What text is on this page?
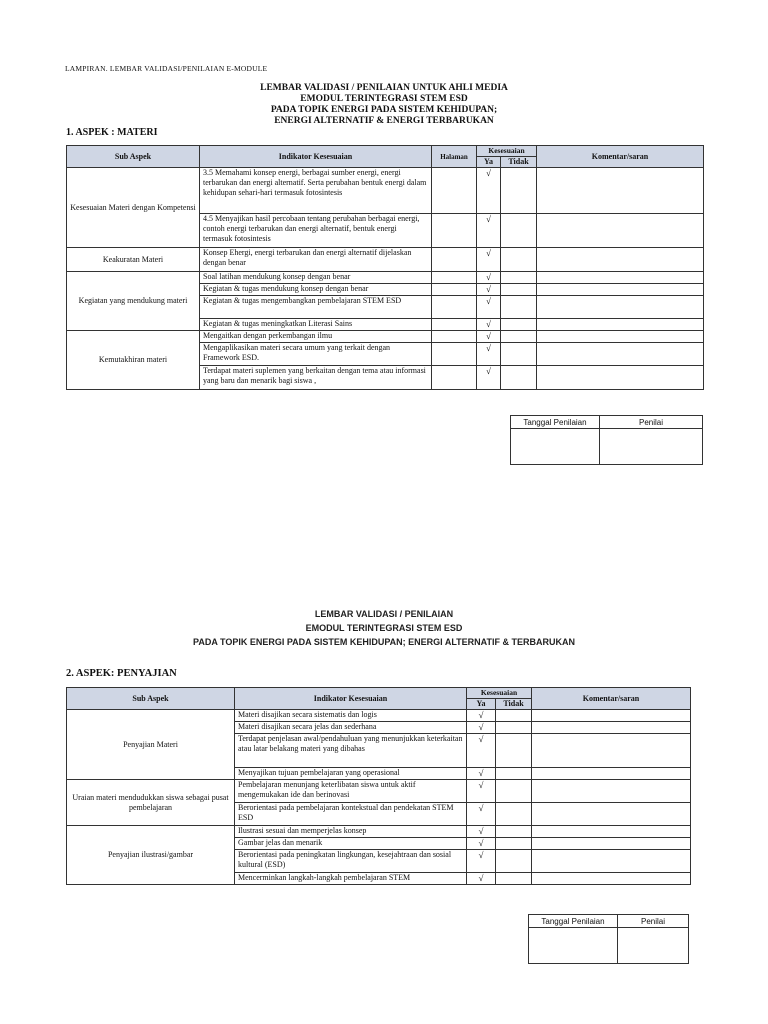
LAMPIRAN. LEMBAR VALIDASI/PENILAIAN E-MODULE
LEMBAR VALIDASI / PENILAIAN UNTUK AHLI MEDIA
EMODUL TERINTEGRASI STEM ESD
PADA TOPIK ENERGI PADA SISTEM KEHIDUPAN;
ENERGI ALTERNATIF & ENERGI TERBARUKAN
1. ASPEK : MATERI
Sub Aspek	Indikator Kesesuaian	Halaman	Kesesuaian		Komentar/saran
			Ya	Tidak	
Kesesuaian Materi dengan Kompetensi	3.5 Memahami konsep energi, berbagai sumber energi, energi terbarukan dan energi alternatif. Serta perubahan bentuk energi dalam kehidupan sehari-hari termasuk fotosintesis		√		
	4.5 Menyajikan hasil percobaan tentang perubahan berbagai energi, contoh energi terbarukan dan energi alternatif, bentuk energi termasuk fotosintesis		√		
Keakuratan Materi	Konsep Ehergi, energi terbarukan dan energi alternatif dijelaskan dengan benar		√		
Kegiatan yang mendukung materi	Soal latihan mendukung konsep dengan benar		√		
	Kegiatan & tugas mendukung konsep dengan benar		√		
	Kegiatan & tugas mengembangkan pembelajaran STEM ESD		√		
	Kegiatan & tugas meningkatkan Literasi Sains		√		
Kemutakhiran materi	Mengaitkan dengan perkembangan ilmu		√		
	Mengaplikasikan materi secara umum yang terkait dengan Framework ESD.		√		
	Terdapat materi suplemen yang berkaitan dengan tema atau informasi yang baru dan menarik bagi siswa ,		√		
Tanggal Penilaian	Penilai

LEMBAR VALIDASI / PENILAIAN
EMODUL TERINTEGRASI STEM ESD
PADA TOPIK ENERGI PADA SISTEM KEHIDUPAN; ENERGI ALTERNATIF & TERBARUKAN
2. ASPEK: PENYAJIAN
Sub Aspek	Indikator Kesesuaian	Kesesuaian		Komentar/saran
		Ya	Tidak	
Penyajian Materi	Materi disajikan secara sistematis dan logis	√		
	Materi disajikan secara jelas dan sederhana	√		
	Terdapat penjelasan awal/pendahuluan yang menunjukkan keterkaitan atau latar belakang materi yang dibahas	√		
	Menyajikan tujuan pembelajaran yang operasional	√		
Uraian materi mendudukkan siswa sebagai pusat pembelajaran	Pembelajaran menunjang keterlibatan siswa untuk aktif mengemukakan ide dan berinovasi	√		
	Berorientasi pada pembelajaran kontekstual dan pendekatan STEM ESD	√		
Penyajian ilustrasi/gambar	Ilustrasi sesuai dan memperjelas konsep	√		
	Gambar jelas dan menarik	√		
	Berorientasi pada peningkatan lingkungan, kesejahtraan dan sosial kultural (ESD)	√		
	Mencerminkan langkah-langkah pembelajaran STEM	√		
Tanggal Penilaian	Penilai
